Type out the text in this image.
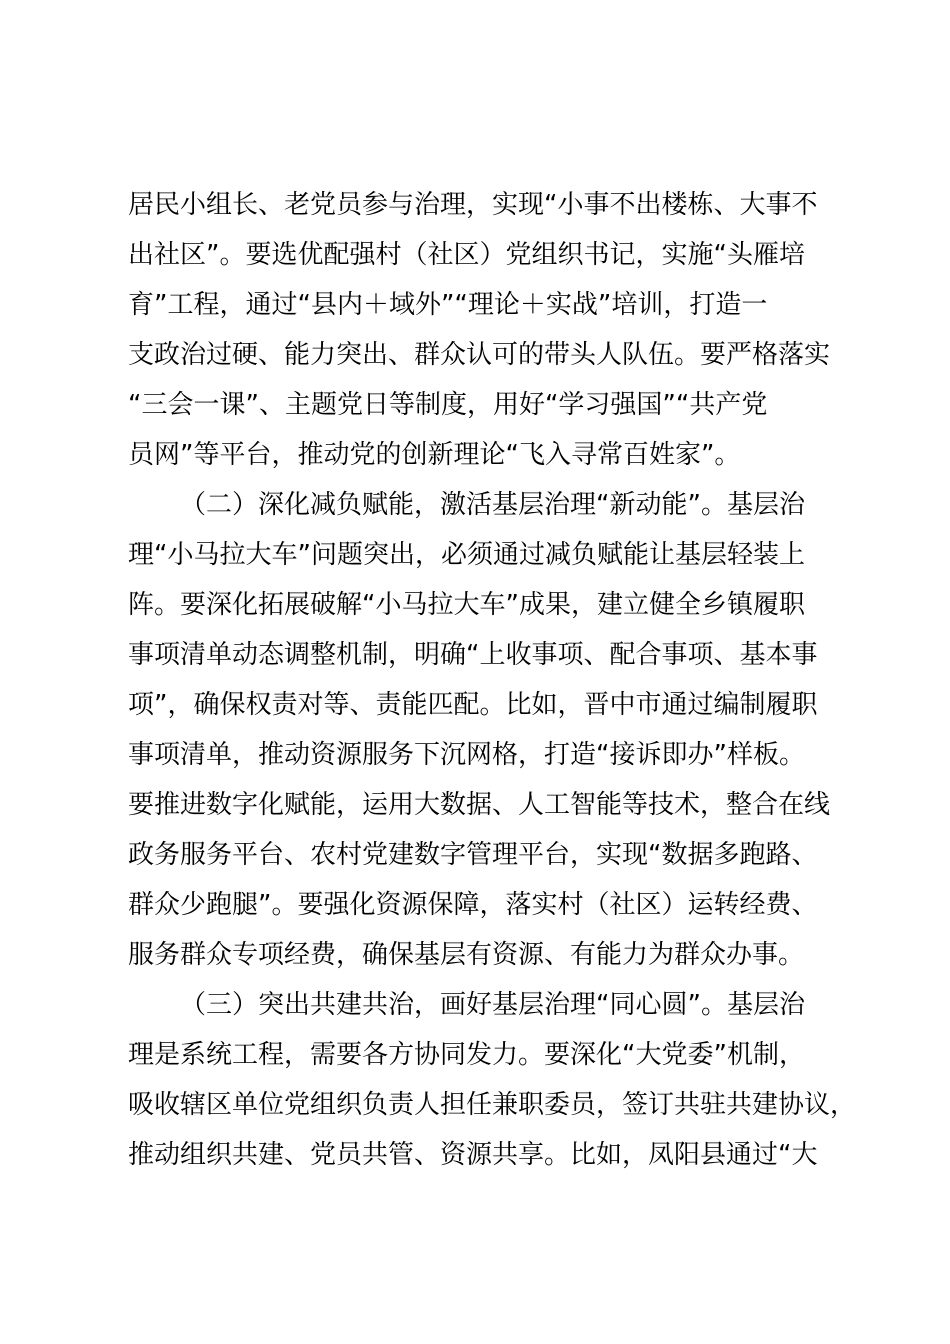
居民小组长、老党员参与治理，实现“小事不出楼栋、大事不
出社区”。要选优配强村（社区）党组织书记，实施“头雁培
育”工程，通过“县内＋域外”“理论＋实战”培训，打造一
支政治过硬、能力突出、群众认可的带头人队伍。要严格落实
“三会一课”、主题党日等制度，用好“学习强国”“共产党
员网”等平台，推动党的创新理论“飞入寻常百姓家”。
（二）深化减负赋能，激活基层治理“新动能”。基层治
理“小马拉大车”问题突出，必须通过减负赋能让基层轻装上
阵。要深化拓展破解“小马拉大车”成果，建立健全乡镇履职
事项清单动态调整机制，明确“上收事项、配合事项、基本事
项”，确保权责对等、责能匹配。比如，晋中市通过编制履职
事项清单，推动资源服务下沉网格，打造“接诉即办”样板。
要推进数字化赋能，运用大数据、人工智能等技术，整合在线
政务服务平台、农村党建数字管理平台，实现“数据多跑路、
群众少跑腿”。要强化资源保障，落实村（社区）运转经费、
服务群众专项经费，确保基层有资源、有能力为群众办事。
（三）突出共建共治，画好基层治理“同心圆”。基层治
理是系统工程，需要各方协同发力。要深化“大党委”机制，
吸收辖区单位党组织负责人担任兼职委员，签订共驻共建协议，
推动组织共建、党员共管、资源共享。比如，凤阳县通过“大
